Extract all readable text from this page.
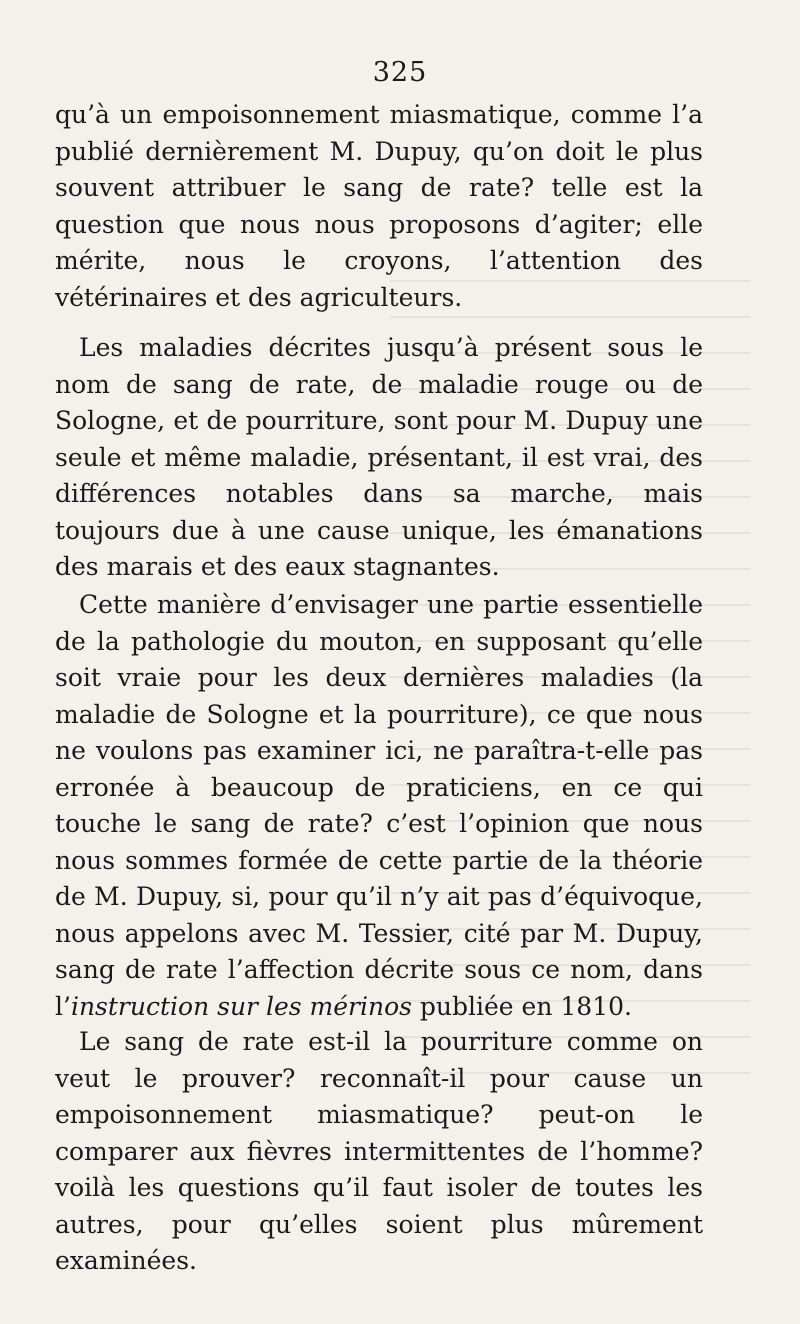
325

qu’à un empoisonnement miasmatique, comme l’a publié dernièrement M. Dupuy, qu’on doit le plus souvent attribuer le sang de rate? telle est la question que nous nous proposons d’agiter; elle mérite, nous le croyons, l’attention des vétérinaires et des agriculteurs.

Les maladies décrites jusqu’à présent sous le nom de sang de rate, de maladie rouge ou de Sologne, et de pourriture, sont pour M. Dupuy une seule et même maladie, présentant, il est vrai, des différences notables dans sa marche, mais toujours due à une cause unique, les émanations des marais et des eaux stagnantes.

Cette manière d’envisager une partie essentielle de la pathologie du mouton, en supposant qu’elle soit vraie pour les deux dernières maladies (la maladie de Sologne et la pourriture), ce que nous ne voulons pas examiner ici, ne paraîtra-t-elle pas erronée à beaucoup de praticiens, en ce qui touche le sang de rate? c’est l’opinion que nous nous sommes formée de cette partie de la théorie de M. Dupuy, si, pour qu’il n’y ait pas d’équivoque, nous appelons avec M. Tessier, cité par M. Dupuy, sang de rate l’affection décrite sous ce nom, dans l’instruction sur les mérinos publiée en 1810.

Le sang de rate est-il la pourriture comme on veut le prouver? reconnaît-il pour cause un empoisonnement miasmatique? peut-on le comparer aux fièvres intermittentes de l’homme? voilà les questions qu’il faut isoler de toutes les autres, pour qu’elles soient plus mûrement examinées.
